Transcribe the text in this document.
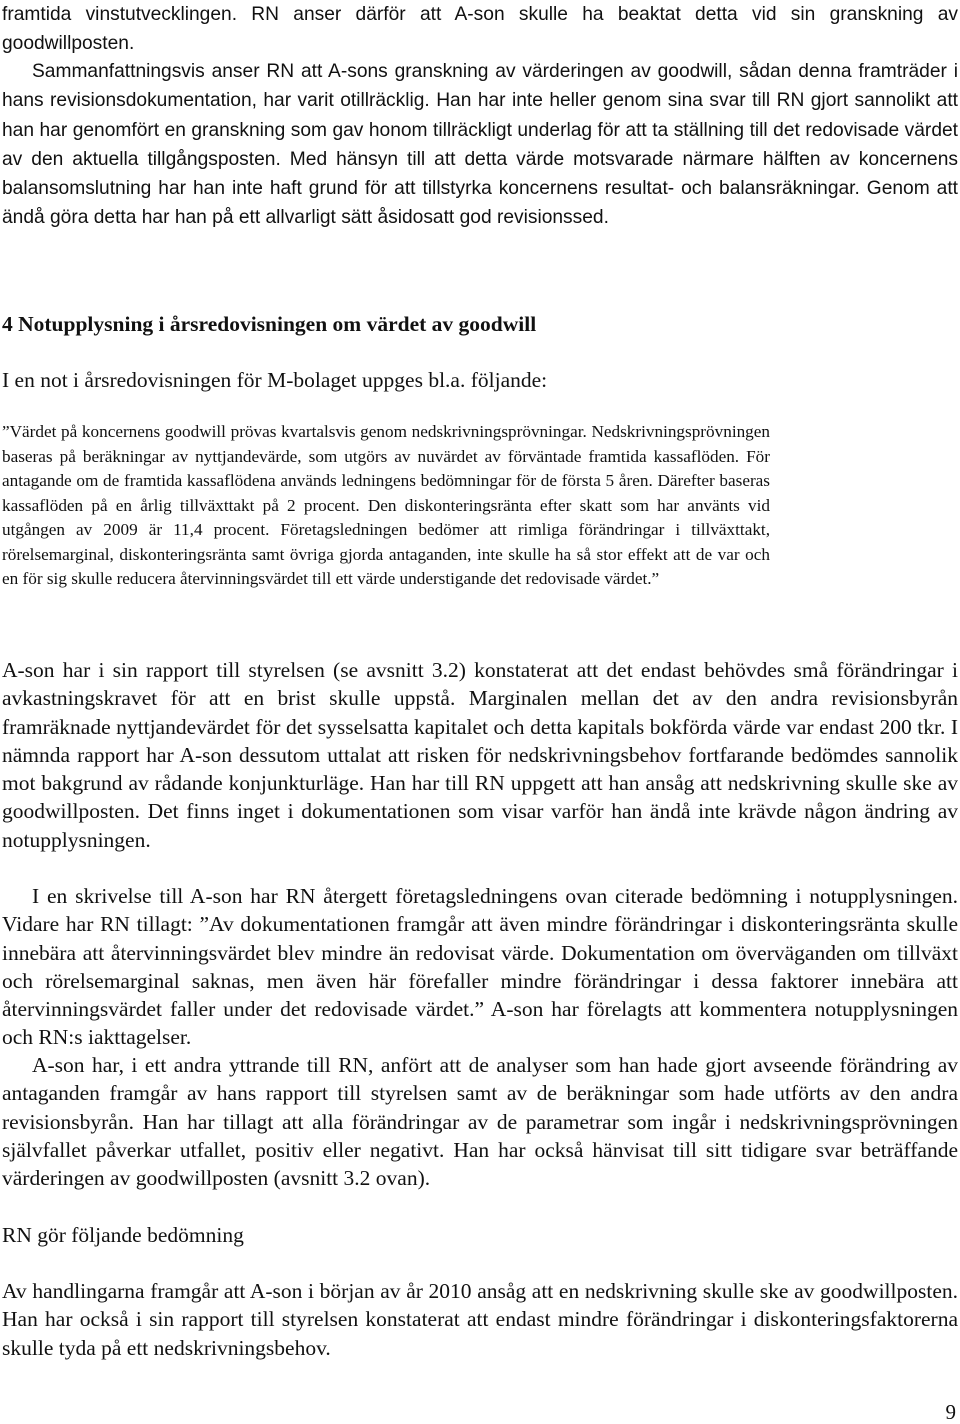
framtida vinstutvecklingen. RN anser därför att A-son skulle ha beaktat detta vid sin granskning av goodwillposten.

Sammanfattningsvis anser RN att A-sons granskning av värderingen av goodwill, sådan denna framträder i hans revisionsdokumentation, har varit otillräcklig. Han har inte heller genom sina svar till RN gjort sannolikt att han har genomfört en granskning som gav honom tillräckligt underlag för att ta ställning till det redovisade värdet av den aktuella tillgångsposten. Med hänsyn till att detta värde motsvarade närmare hälften av koncernens balansomslutning har han inte haft grund för att tillstyrka koncernens resultat- och balansräkningar. Genom att ändå göra detta har han på ett allvarligt sätt åsidosatt god revisionssed.

4 Notupplysning i årsredovisningen om värdet av goodwill

I en not i årsredovisningen för M-bolaget uppges bl.a. följande:

”Värdet på koncernens goodwill prövas kvartalsvis genom nedskrivningsprövningar. Nedskrivningsprövningen baseras på beräkningar av nyttjandevärde, som utgörs av nuvärdet av förväntade framtida kassaflöden. För antagande om de framtida kassaflödena används ledningens bedömningar för de första 5 åren. Därefter baseras kassaflöden på en årlig tillväxttakt på 2 procent. Den diskonteringsränta efter skatt som har använts vid utgången av 2009 är 11,4 procent. Företagsledningen bedömer att rimliga förändringar i tillväxttakt, rörelsemarginal, diskonteringsränta samt övriga gjorda antaganden, inte skulle ha så stor effekt att de var och en för sig skulle reducera återvinningsvärdet till ett värde understigande det redovisade värdet.”

A-son har i sin rapport till styrelsen (se avsnitt 3.2) konstaterat att det endast behövdes små förändringar i avkastningskravet för att en brist skulle uppstå. Marginalen mellan det av den andra revisionsbyrån framräknade nyttjandevärdet för det sysselsatta kapitalet och detta kapitals bokförda värde var endast 200 tkr. I nämnda rapport har A-son dessutom uttalat att risken för nedskrivningsbehov fortfarande bedömdes sannolik mot bakgrund av rådande konjunkturläge. Han har till RN uppgett att han ansåg att nedskrivning skulle ske av goodwillposten. Det finns inget i dokumentationen som visar varför han ändå inte krävde någon ändring av notupplysningen.

I en skrivelse till A-son har RN återgett företagsledningens ovan citerade bedömning i notupplysningen. Vidare har RN tillagt: ”Av dokumentationen framgår att även mindre förändringar i diskonteringsränta skulle innebära att återvinningsvärdet blev mindre än redovisat värde. Dokumentation om överväganden om tillväxt och rörelsemarginal saknas, men även här förefaller mindre förändringar i dessa faktorer innebära att återvinningsvärdet faller under det redovisade värdet.” A-son har förelagts att kommentera notupplysningen och RN:s iakttagelser.

A-son har, i ett andra yttrande till RN, anfört att de analyser som han hade gjort avseende förändring av antaganden framgår av hans rapport till styrelsen samt av de beräkningar som hade utförts av den andra revisionsbyrån. Han har tillagt att alla förändringar av de parametrar som ingår i nedskrivningsprövningen självfallet påverkar utfallet, positiv eller negativt. Han har också hänvisat till sitt tidigare svar beträffande värderingen av goodwillposten (avsnitt 3.2 ovan).

RN gör följande bedömning

Av handlingarna framgår att A-son i början av år 2010 ansåg att en nedskrivning skulle ske av goodwillposten. Han har också i sin rapport till styrelsen konstaterat att endast mindre förändringar i diskonteringsfaktorerna skulle tyda på ett nedskrivningsbehov.

9
